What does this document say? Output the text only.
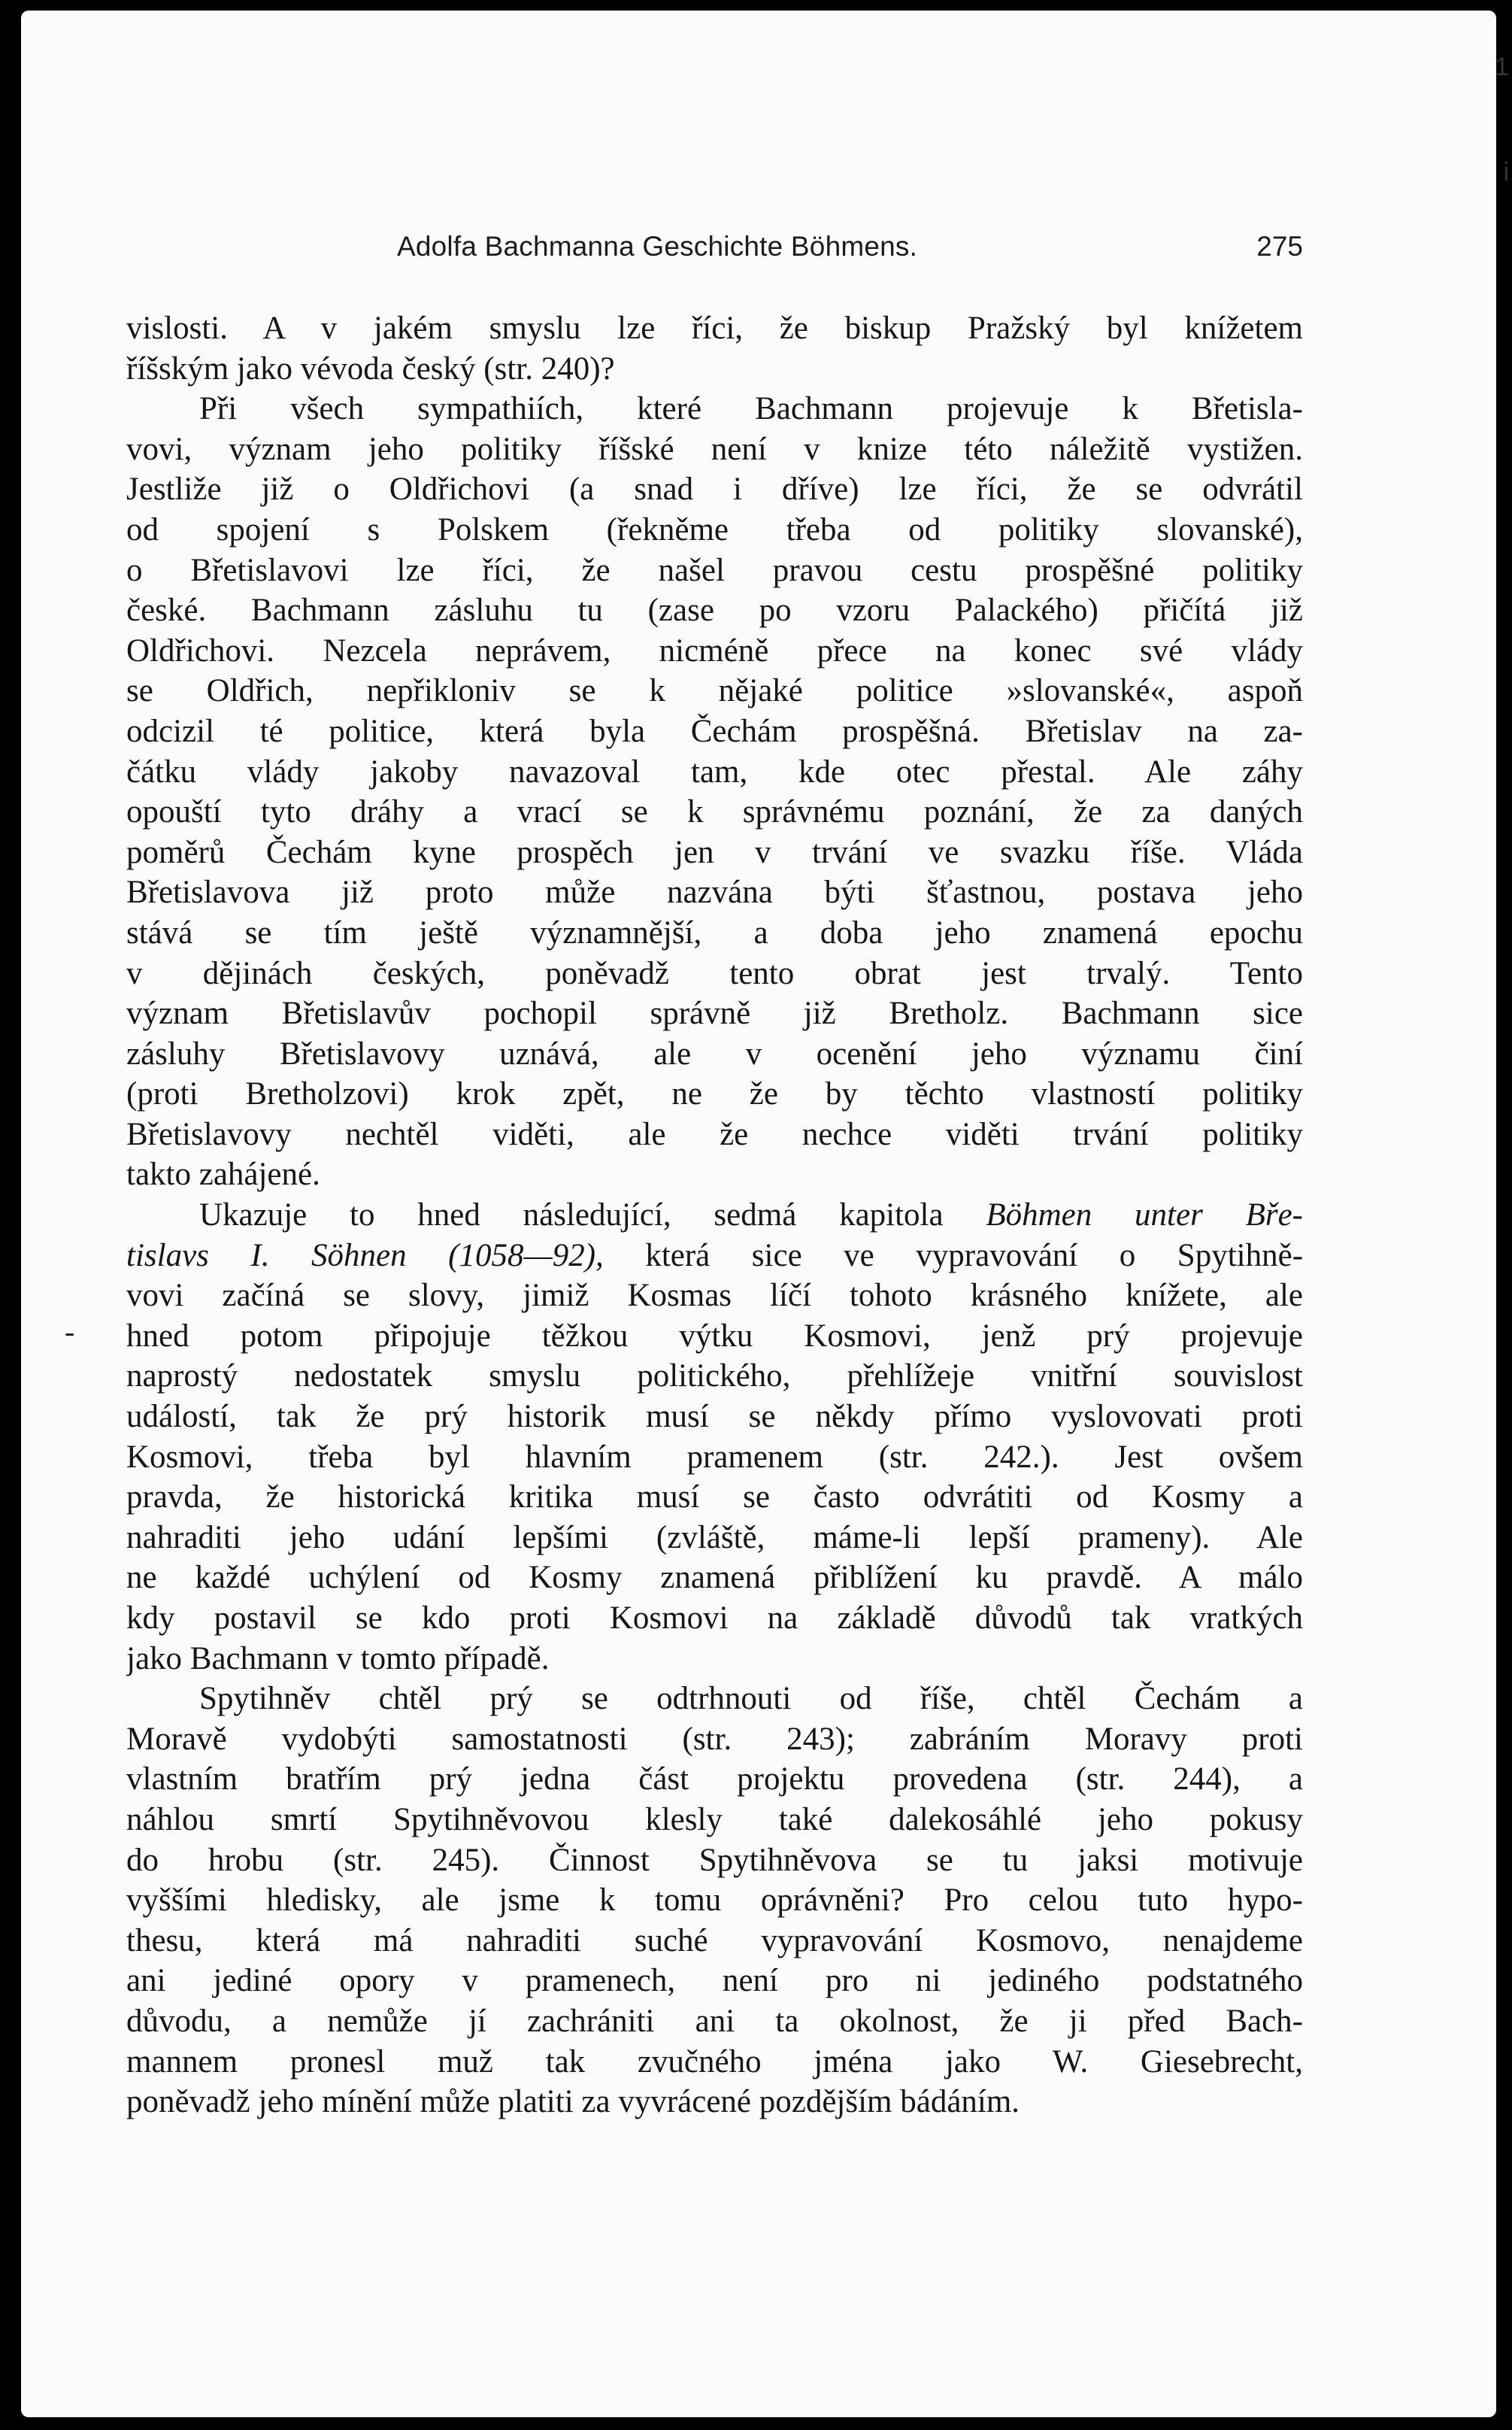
Adolfa Bachmanna Geschichte Böhmens.	275
-
vislosti. A v jakém smyslu lze říci, že biskup Pražský byl knížetem
říšským jako vévoda český (str. 240)?
Při všech sympathiích, které Bachmann projevuje k Břetisla-
vovi, význam jeho politiky říšské není v knize této náležitě vystižen.
Jestliže již o Oldřichovi (a snad i dříve) lze říci, že se odvrátil
od spojení s Polskem (řekněme třeba od politiky slovanské),
o Břetislavovi lze říci, že našel pravou cestu prospěšné politiky
české. Bachmann zásluhu tu (zase po vzoru Palackého) přičítá již
Oldřichovi. Nezcela neprávem, nicméně přece na konec své vlády
se Oldřich, nepřikloniv se k nějaké politice »slovanské«, aspoň
odcizil té politice, která byla Čechám prospěšná. Břetislav na za-
čátku vlády jakoby navazoval tam, kde otec přestal. Ale záhy
opouští tyto dráhy a vrací se k správnému poznání, že za daných
poměrů Čechám kyne prospěch jen v trvání ve svazku říše. Vláda
Břetislavova již proto může nazvána býti šťastnou, postava jeho
stává se tím ještě významnější, a doba jeho znamená epochu
v dějinách českých, poněvadž tento obrat jest trvalý. Tento
význam Břetislavův pochopil správně již Bretholz. Bachmann sice
zásluhy Břetislavovy uznává, ale v ocenění jeho významu činí
(proti Bretholzovi) krok zpět, ne že by těchto vlastností politiky
Břetislavovy nechtěl viděti, ale že nechce viděti trvání politiky
takto zahájené.
Ukazuje to hned následující, sedmá kapitola Böhmen unter Bře-
tislavs I. Söhnen (1058—92), která sice ve vypravování o Spytihně-
vovi začíná se slovy, jimiž Kosmas líčí tohoto krásného knížete, ale
hned potom připojuje těžkou výtku Kosmovi, jenž prý projevuje
naprostý nedostatek smyslu politického, přehlížeje vnitřní souvislost
událostí, tak že prý historik musí se někdy přímo vyslovovati proti
Kosmovi, třeba byl hlavním pramenem (str. 242.). Jest ovšem
pravda, že historická kritika musí se často odvrátiti od Kosmy a
nahraditi jeho udání lepšími (zvláště, máme-li lepší prameny). Ale
ne každé uchýlení od Kosmy znamená přiblížení ku pravdě. A málo
kdy postavil se kdo proti Kosmovi na základě důvodů tak vratkých
jako Bachmann v tomto případě.
Spytihněv chtěl prý se odtrhnouti od říše, chtěl Čechám a
Moravě vydobýti samostatnosti (str. 243); zabráním Moravy proti
vlastním bratřím prý jedna část projektu provedena (str. 244), a
náhlou smrtí Spytihněvovou klesly také dalekosáhlé jeho pokusy
do hrobu (str. 245). Činnost Spytihněvova se tu jaksi motivuje
vyššími hledisky, ale jsme k tomu oprávněni? Pro celou tuto hypo-
thesu, která má nahraditi suché vypravování Kosmovo, nenajdeme
ani jediné opory v pramenech, není pro ni jediného podstatného
důvodu, a nemůže jí zachrániti ani ta okolnost, že ji před Bach-
mannem pronesl muž tak zvučného jména jako W. Giesebrecht,
poněvadž jeho mínění může platiti za vyvrácené pozdějším bádáním.
1
i
